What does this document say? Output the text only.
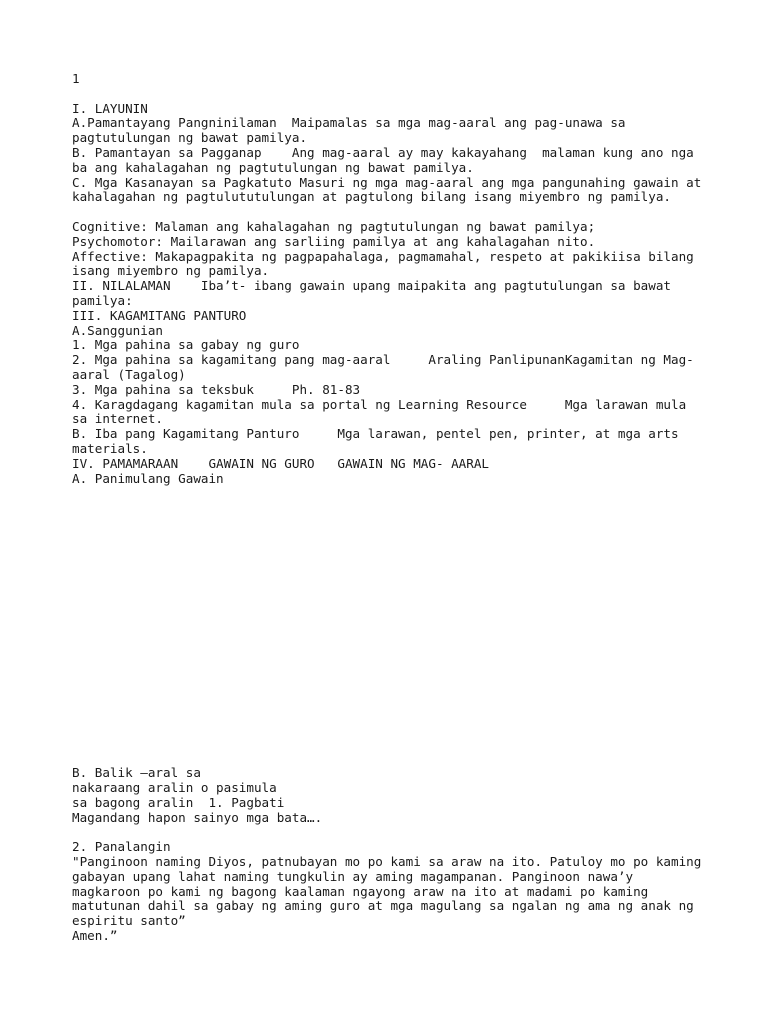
1
I. LAYUNIN
A.Pamantayang Pangninilaman  Maipamalas sa mga mag-aaral ang pag-unawa sa
pagtutulungan ng bawat pamilya.
B. Pamantayan sa Pagganap    Ang mag-aaral ay may kakayahang  malaman kung ano nga
ba ang kahalagahan ng pagtutulungan ng bawat pamilya.
C. Mga Kasanayan sa Pagkatuto Masuri ng mga mag-aaral ang mga pangunahing gawain at
kahalagahan ng pagtulututulungan at pagtulong bilang isang miyembro ng pamilya.
Cognitive: Malaman ang kahalagahan ng pagtutulungan ng bawat pamilya;
Psychomotor: Mailarawan ang sarliing pamilya at ang kahalagahan nito.
Affective: Makapagpakita ng pagpapahalaga, pagmamahal, respeto at pakikiisa bilang
isang miyembro ng pamilya.
II. NILALAMAN    Iba’t- ibang gawain upang maipakita ang pagtutulungan sa bawat
pamilya:
III. KAGAMITANG PANTURO
A.Sanggunian
1. Mga pahina sa gabay ng guro
2. Mga pahina sa kagamitang pang mag-aaral     Araling PanlipunanKagamitan ng Mag-
aaral (Tagalog)
3. Mga pahina sa teksbuk     Ph. 81-83
4. Karagdagang kagamitan mula sa portal ng Learning Resource     Mga larawan mula
sa internet.
B. Iba pang Kagamitang Panturo     Mga larawan, pentel pen, printer, at mga arts
materials.
IV. PAMAMARAAN    GAWAIN NG GURO   GAWAIN NG MAG- AARAL
A. Panimulang Gawain
B. Balik –aral sa
nakaraang aralin o pasimula
sa bagong aralin  1. Pagbati
Magandang hapon sainyo mga bata….
2. Panalangin
"Panginoon naming Diyos, patnubayan mo po kami sa araw na ito. Patuloy mo po kaming
gabayan upang lahat naming tungkulin ay aming magampanan. Panginoon nawa’y
magkaroon po kami ng bagong kaalaman ngayong araw na ito at madami po kaming
matutunan dahil sa gabay ng aming guro at mga magulang sa ngalan ng ama ng anak ng
espiritu santo”
Amen.”
